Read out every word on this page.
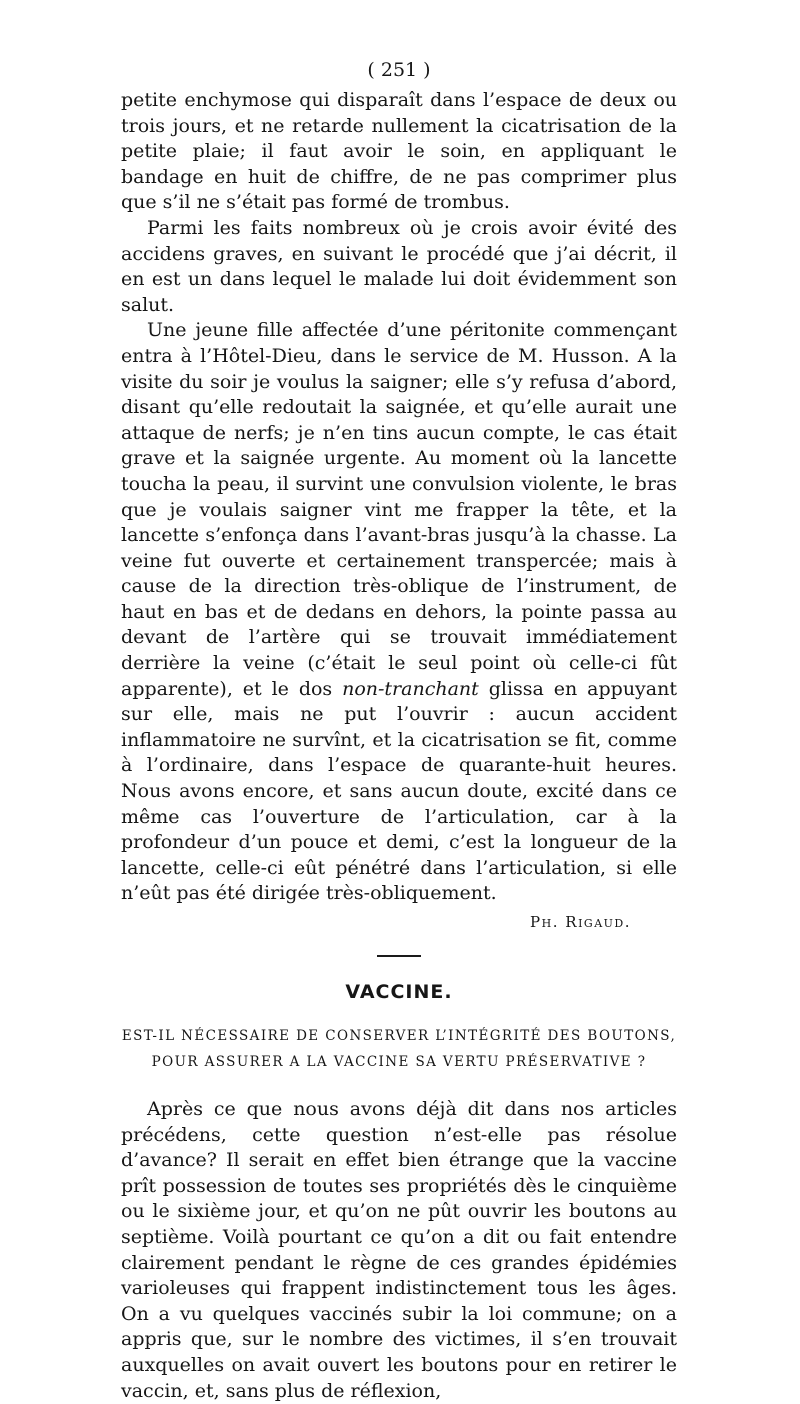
( 251 )

petite enchymose qui disparaît dans l’espace de deux ou trois jours, et ne retarde nullement la cicatrisation de la petite plaie; il faut avoir le soin, en appliquant le bandage en huit de chiffre, de ne pas comprimer plus que s’il ne s’était pas formé de trombus.

Parmi les faits nombreux où je crois avoir évité des accidens graves, en suivant le procédé que j’ai décrit, il en est un dans lequel le malade lui doit évidemment son salut.

Une jeune fille affectée d’une péritonite commençant entra à l’Hôtel-Dieu, dans le service de M. Husson. A la visite du soir je voulus la saigner; elle s’y refusa d’abord, disant qu’elle redoutait la saignée, et qu’elle aurait une attaque de nerfs; je n’en tins aucun compte, le cas était grave et la saignée urgente. Au moment où la lancette toucha la peau, il survint une convulsion violente, le bras que je voulais saigner vint me frapper la tête, et la lancette s’enfonça dans l’avant-bras jusqu’à la chasse. La veine fut ouverte et certainement transpercée; mais à cause de la direction très-oblique de l’instrument, de haut en bas et de dedans en dehors, la pointe passa au devant de l’artère qui se trouvait immédiatement derrière la veine (c’était le seul point où celle-ci fût apparente), et le dos non-tranchant glissa en appuyant sur elle, mais ne put l’ouvrir : aucun accident inflammatoire ne survînt, et la cicatrisation se fit, comme à l’ordinaire, dans l’espace de quarante-huit heures. Nous avons encore, et sans aucun doute, excité dans ce même cas l’ouverture de l’articulation, car à la profondeur d’un pouce et demi, c’est la longueur de la lancette, celle-ci eût pénétré dans l’articulation, si elle n’eût pas été dirigée très-obliquement.

Ph. Rigaud.
VACCINE.
EST-IL NÉCESSAIRE DE CONSERVER L’INTÉGRITÉ DES BOUTONS,
POUR ASSURER A LA VACCINE SA VERTU PRÉSERVATIVE ?

Après ce que nous avons déjà dit dans nos articles précédens, cette question n’est-elle pas résolue d’avance? Il serait en effet bien étrange que la vaccine prît possession de toutes ses propriétés dès le cinquième ou le sixième jour, et qu’on ne pût ouvrir les boutons au septième. Voilà pourtant ce qu’on a dit ou fait entendre clairement pendant le règne de ces grandes épidémies varioleuses qui frappent indistinctement tous les âges. On a vu quelques vaccinés subir la loi commune; on a appris que, sur le nombre des victimes, il s’en trouvait auxquelles on avait ouvert les boutons pour en retirer le vaccin, et, sans plus de réflexion,
